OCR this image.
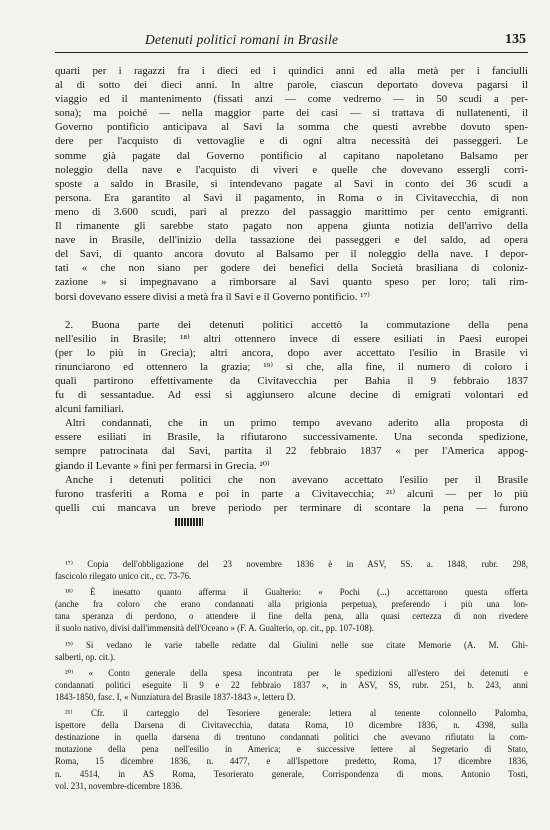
Detenuti politici romani in Brasile	135
quarti per i ragazzi fra i dieci ed i quindici anni ed alla metà per i fanciulli
al di sotto dei dieci anni. In altre parole, ciascun deportato doveva pagarsi il
viaggio ed il mantenimento (fissati anzi — come vedremo — in 50 scudi a per-
sona); ma poiché — nella maggior parte dei casi — si trattava di nullatenenti, il
Governo pontificio anticipava al Savi la somma che questi avrebbe dovuto spen-
dere per l'acquisto di vettovaglie e di ogni altra necessità dei passeggeri. Le
somme già pagate dal Governo pontificio al capitano napoletano Balsamo per
noleggio della nave e l'acquisto di viveri e quelle che dovevano essergli corri-
sposte a saldo in Brasile, si intendevano pagate al Savi in conto dei 36 scudi a
persona. Era garantito al Savi il pagamento, in Roma o in Civitavecchia, di non
meno di 3.600 scudi, pari al prezzo del passaggio marittimo per cento emigranti.
Il rimanente gli sarebbe stato pagato non appena giunta notizia dell'arrivo della
nave in Brasile, dell'inizio della tassazione dei passeggeri e del saldo, ad opera
del Savi, di quanto ancora dovuto al Balsamo per il noleggio della nave. I depor-
tati « che non siano per godere dei benefici della Società brasiliana di coloniz-
zazione » si impegnavano a rimborsare al Savi quanto speso per loro; tali rim-
borsi dovevano essere divisi a metà fra il Savi e il Governo pontificio. ¹⁷⁾
2. Buona parte dei detenuti politici accettò la commutazione della pena
nell'esilio in Brasile; ¹⁸⁾ altri ottennero invece di essere esiliati in Paesi europei
(per lo più in Grecia); altri ancora, dopo aver accettato l'esilio in Brasile vi
rinunciarono ed ottennero la grazia; ¹⁹⁾ sì che, alla fine, il numero di coloro i
quali partirono effettivamente da Civitavecchia per Bahia il 9 febbraio 1837
fu di sessantadue. Ad essi si aggiunsero alcune decine di emigrati volontari ed
alcuni familiari.
Altri condannati, che in un primo tempo avevano aderito alla proposta di
essere esiliati in Brasile, la rifiutarono successivamente. Una seconda spedizione,
sempre patrocinata dal Savi, partita il 22 febbraio 1837 « per l'America appog-
giando il Levante » finì per fermarsi in Grecia. ²⁰⁾
Anche i detenuti politici che non avevano accettato l'esilio per il Brasile
furono trasferiti a Roma e poi in parte a Civitavecchia; ²¹⁾ alcuni — per lo più
quelli cui mancava un breve periodo per terminare di scontare la pena — furono
¹⁷⁾ Copia dell'obbligazione del 23 novembre 1836 è in ASV, SS. a. 1848, rubr. 298,
fascicolo rilegato unico cit., cc. 73-76.
¹⁸⁾ È inesatto quanto afferma il Gualterio: « Pochi (...) accettarono questa offerta
(anche fra coloro che erano condannati alla prigionia perpetua), preferendo i più una lon-
tana speranza di perdono, o attendere il fine della pena, alla quasi certezza di non rivedere
il suolo nativo, divisi dall'immensità dell'Oceano » (F. A. Gualterio, op. cit., pp. 107-108).
¹⁹⁾ Si vedano le varie tabelle redatte dal Giulini nelle sue citate Memorie (A. M. Ghi-
salberti, op. cit.).
²⁰⁾ « Conto generale della spesa incontrata per le spedizioni all'estero dei detenuti e
condannati politici eseguite li 9 e 22 febbraio 1837 », in ASV, SS, rubr. 251, b. 243, anni
1843-1850, fasc. I, « Nunziatura del Brasile 1837-1843 », lettera D.
²¹⁾ Cfr. il carteggio del Tesoriere generale: lettera al tenente colonnello Palomba,
ispettore della Darsena di Civitavecchia, datata Roma, 10 dicembre 1836, n. 4398, sulla
destinazione in quella darsena di trentuno condannati politici che avevano rifiutato la com-
mutazione della pena nell'esilio in America; e successive lettere al Segretario di Stato,
Roma, 15 dicembre 1836, n. 4477, e all'Ispettore predetto, Roma, 17 dicembre 1836,
n. 4514, in AS Roma, Tesorierato generale, Corrispondenza di mons. Antonio Tosti,
vol. 231, novembre-dicembre 1836.
